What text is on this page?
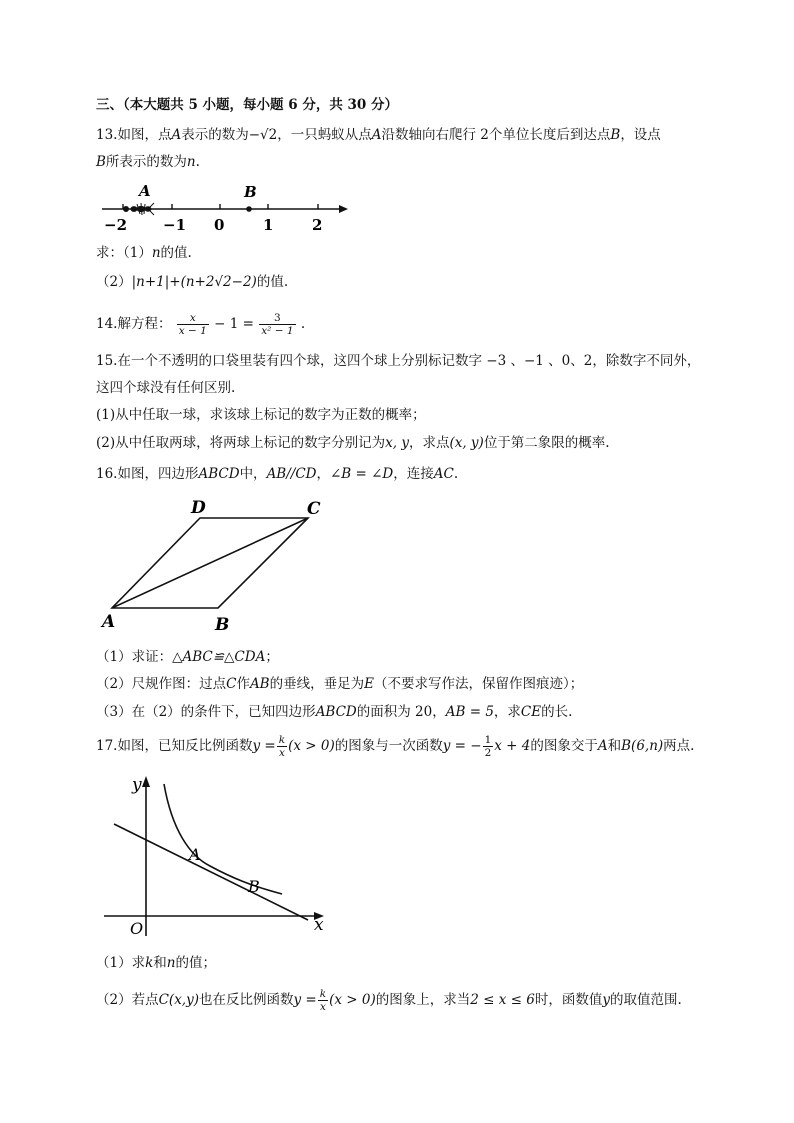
三、（本大题共 5 小题，每小题 6 分，共 30 分）
13.如图，点A表示的数为−√2，一只蚂蚁从点A沿数轴向右爬行 2个单位长度后到达点B，设点
B所表示的数为n.
A	B
−2 −1 0	1	2
求：（1）n的值.
（2）|n+1|+(n+2√2−2)的值.
14.解方程： $\frac{x}{x - 1} - 1 = \frac{3}{\text{x² − 1}}$ .
15.在一个不透明的口袋里装有四个球，这四个球上分别标记数字 −3 、−1 、0、2，除数字不同外，
这四个球没有任何区别.
(1)从中任取一球，求该球上标记的数字为正数的概率；
(2)从中任取两球，将两球上标记的数字分别记为x, y，求点(x, y)位于第二象限的概率.
16.如图，四边形ABCD中，AB//CD，∠B = ∠D，连接AC.
A	B
C
D
（1）求证：△ABC≌△CDA；
（2）尺规作图：过点C作AB的垂线，垂足为E（不要求写作法，保留作图痕迹）；
（3）在（2）的条件下，已知四边形ABCD的面积为 20，AB = 5，求CE的长.
17.如图，已知反比例函数$y = \frac{k}{x} (x > 0)$的图象与一次函数y = − $\frac{1}{2}$ x + 4的图象交于A和B(6,n)两点.
y
x
O
A
B
（1）求k和n的值；
（2）若点C(x,y)也在反比例函数$y = \frac{k}{x} (x > 0)$的图象上，求当2 ≤ x ≤ 6时，函数值y的取值范围.
